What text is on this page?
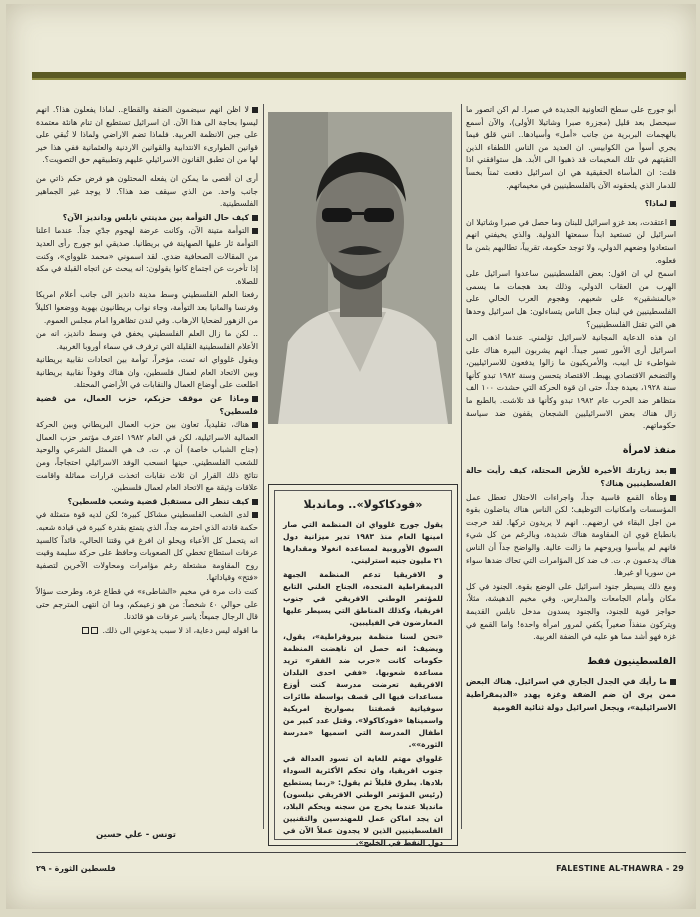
أبو جورج على سطح التعاونية الجديدة في صبرا. لم اكن اتصور ما سيحصل بعد قليل (مجزرة صبرا وشاتيلا الأولى)، والآن أسمع بالهجمات البربرية من جانب «أمل» وأسيادها.. انني قلق فيما يجري أسوأ من الكوابيس. ان العديد من الناس اللطفاء الذين التقيتهم في تلك المخيمات قد ذهبوا الى الأبد. هل ستوافقني اذا قلت: ان المأساة الحقيقية هي ان اسرائيل دفعت ثمناً بخساً للدمار الذي يلحقونه الآن بالفلسطينيين في مخيماتهم.

لماذا؟

اعتقدت، بعد غزو اسرائيل للبنان وما حصل في صبرا وشاتيلا ان اسرائيل لن تستعيد ابداً سمعتها الدولية. والذي يخيفني انهم استعادوا وضعهم الدولي، ولا توجد حكومة، تقريباً، تطالبهم بثمن ما فعلوه.

اسمح لي ان اقول: بعض الفلسطينيين ساعدوا اسرائيل على الهرب من العقاب الدولي، وذلك بعد هجمات ما يسمى «بالمنشقين» على شعبهم، وهجوم العرب الحالي على الفلسطينيين في لبنان جعل الناس يتساءلون: هل اسرائيل وحدها هي التي تقتل الفلسطينيين؟

ان هذه الدعاية المجانية لاسرائيل تؤلمني. عندما اذهب الى اسرائيل أرى الأمور تسير جيداً. انهم يشربون البيرة هناك على شواطىء تل ابيب، والأمريكيون ما زالوا يدفعون للاسرائيليين، والتضخم الاقتصادي يهبط. الاقتصاد يتحسن وسنة ١٩٨٢ تبدو كأنها سنة ١٩٢٨، بعيدة جداً، حتى ان قوة الحركة التي حشدت ١٠٠ الف متظاهر ضد الحرب عام ١٩٨٢ تبدو وكأنها قد تلاشت. بالطبع ما زال هناك بعض الاسرائيليين الشجعان يقفون ضد سياسة حكوماتهم.

منفذ لامرأة

بعد زيارتك الأخيرة للأرض المحتلة، كيف رأيت حالة الفلسطينيين هناك؟

وطأة القمع قاسية جداً، واجراءات الاحتلال تعطل عمل المؤسسات وامكانيات التوظيف؛ لكن الناس هناك يناضلون بقوة من اجل البقاء في ارضهم.. انهم لا يريدون تركها. لقد خرجت بانطباع قوي ان المقاومة هناك شديدة، وبالرغم من كل شيء فانهم لم ييأسوا ويروحهم ما زالت عالية. والواضح جداً أن الناس هناك يدعمون م. ت. ف ضد كل المؤامرات التي تحاك ضدها سواء من سوريا او غيرها.

ومع ذلك يسيطر جنود اسرائيل على الوضع بقوة. الجنود في كل مكان وأمام الجامعات والمدارس. وفي مخيم الدهيشة، مثلاً، حواجز قوية للجنود، والجنود يسدون مدخل نابلس القديمة ويتركون منفذاً صغيراً يكفي لمرور امرأة واحدة! واما القمع في غزة فهو أشد مما هو عليه في الضفة الغربية.

الفلسطينيون فقط

ما رأيك في الجدل الجاري في اسرائيل. هناك البعض ممن يرى ان ضم الضفة وغزة يهدد «الديمقراطية الاسرائيلية»، ويجعل اسرائيل دولة ثنائية القومية

«فودكاكولا».. وماندبلا

يقول جورج غلوواي ان المنظمة التي صار امينها العام منذ ١٩٨٣ تدير ميزانية دول السوق الأوروبية لمساعدة انغولا ومقدارها ٢١ مليون جنيه استرليني.

و الافريقيا تدعم المنظمة الجبهة الديمقراطية المتحدة، الجناح العلني التابع للمؤتمر الوطني الافريقي في جنوب افريقيا، وكذلك المناطق التي يسيطر عليها المعارضون في الفيليبين.

«نحن لسنا منظمة بيروقراطية»، يقول، ويضيف: انه حصل ان ناهضت المنظمة حكومات كانت «حرب ضد الفقر» تريد مساعدة شعوبها. «ففي احدى البلدان الافريقية تعرضت مدرسة كنت أوزع مساعدات فيها الى قصف بواسطة طائرات سوفياتية قصفتنا بصواريخ امريكية واسميناها «فودكاكولا». وقتل عدد كبير من اطفال المدرسة التي اسميها «مدرسة الثورة»».

غلوواي مهتم للغاية ان تسود العدالة في جنوب افريقيا، وان تحكم الأكثرية السوداء بلادها. يطرق قليلاً ثم يقول: «ربما يستطيع (رئيس المؤتمر الوطني الافريقي نيلسون) مانديلا عندما يخرج من سجنه ويحكم البلاد، ان يجد اماكن عمل للمهندسين والتقنيين الفلسطينيين الذين لا يجدون عملاً الآن في دول النفط في الخليج».

لا اظن انهم سيضمون الضفة والقطاع.. لماذا يفعلون هذا؟. انهم ليسوا بحاجة الى هذا الآن. ان اسرائيل تستطيع ان تنام هانئة معتمدة على جبن الانظمة العربية. فلماذا تضم الاراضي ولماذا لا تُبقي على قوانين الطوارىء الانتدابية والقوانين الاردنية والعثمانية ففي هذا خير لها من ان تطبق القانون الاسرائيلي عليهم وتطبيقهم حق التصويت؟.

أرى ان أقصى ما يمكن ان يفعله المحتلون هو فرض حكم ذاتي من جانب واحد. من الذي سيقف ضد هذا؟. لا يوجد غير الجماهير الفلسطينية.

كيف حال التوأمة بين مدينتي نابلس ودانديز الآن؟

التوأمة متينة الآن، وكانت عرضة لهجوم جدّي جداً. عندما اعلنا التوأمة ثار عليها الصهاينة في بريطانيا. صديقي ابو جورج رأى العديد من المقالات الصحافية ضدي. لقد اسموني «محمد غلوواي»، وكنت إذا تأخرت عن اجتماع كانوا يقولون: انه يبحث عن اتجاه القبلة في مكة للصلاة.

رفعنا العلم الفلسطيني وسط مدينة دانديز الى جانب أعلام امريكا وفرنسا والمانيا بعد التوأمة، وجاء نواب بريطانيون بهوية ووضعوا اكليلاً من الزهور لضحايا الارهاب. وفي لندن تظاهروا امام مجلس العموم.

.. لكن ما زال العلم الفلسطيني يخفق في وسط دانديز، انه من الأعلام الفلسطينية القليلة التي ترفرف في سماء أوروبا الغربية.

ويقول غلوواي انه تمت، مؤخراً، توأمة بين اتحادات نقابية بريطانية وبين الاتحاد العام لعمال فلسطين، وان هناك وفوداً نقابية بريطانية اطلعت على أوضاع العمال والنقابات في الأراضي المحتلة.

وماذا عن موقف حزبكم، حزب العمال، من قضية فلسطين؟

هناك، تقليدياً، تعاون بين حزب العمال البريطاني وبين الحركة العمالية الاسرائيلية، لكن في العام ١٩٨٢ اعترف مؤتمر حزب العمال (جناح الشباب خاصة) أن م. ت. ف هي الممثل الشرعي والوحيد للشعب الفلسطيني. حينها انسحب الوفد الاسرائيلي احتجاجاً، ومن نتائج ذلك القرار ان ثلاث نقابات اتخذت قرارات مماثلة واقامت علاقات وثيقة مع الاتحاد العام لعمال فلسطين.

كيف تنظر الى مستقبل قضية وشعب فلسطين؟

لدى الشعب الفلسطيني مشاكل كبيرة؛ لكن لديه قوة متمثلة في حكمة قادته الذي احترمه جداً، الذي يتمتع بقدرة كبيرة في قيادة شعبه. انه يتحمل كل الأعباء ويحلو ان افرغ في وقتنا الحالي، قائداً كالسيد عرفات استطاع تخطي كل الصعوبات وحافظ على حركة سليمة وقيت روح المقاومة مشتعلة رغم مؤامرات ومحاولات الآخرين لتصفية «فتح» وقياداتها.

كنت ذات مرة في مخيم «الشاطىء» في قطاع غزة، وطرحت سؤالاً على حوالي ٤٠ شخصاً: من هو زعيمكم، وما ان انتهى المترجم حتى قال الرجال جميعاً: ياسر عرفات هو قائدنا.

ما اقوله ليس دعاية، اذ لا سبب يدعوني الى ذلك.

تونس - علي حسين
فلسطين الثورة - ٢٩	FALESTINE AL-THAWRA - 29
